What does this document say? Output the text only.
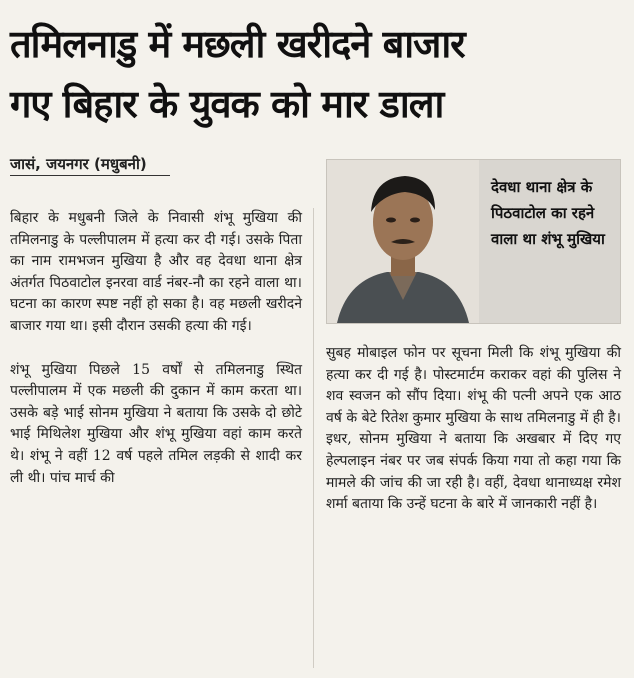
तमिलनाडु में मछली खरीदने बाजार
गए बिहार के युवक को मार डाला
जासं, जयनगर (मधुबनी)

बिहार के मधुबनी जिले के निवासी शंभू मुखिया की तमिलनाडु के पल्लीपालम में हत्या कर दी गई। उसके पिता का नाम रामभजन मुखिया है और वह देवधा थाना क्षेत्र अंतर्गत पिठवाटोल इनरवा वार्ड नंबर-नौ का रहने वाला था। घटना का कारण स्पष्ट नहीं हो सका है। वह मछली खरीदने बाजार गया था। इसी दौरान उसकी हत्या की गई।

शंभू मुखिया पिछले 15 वर्षों से तमिलनाडु स्थित पल्लीपालम में एक मछली की दुकान में काम करता था। उसके बड़े भाई सोनम मुखिया ने बताया कि उसके दो छोटे भाई मिथिलेश मुखिया और शंभू मुखिया वहां काम करते थे। शंभू ने वहीं 12 वर्ष पहले तमिल लड़की से शादी कर ली थी। पांच मार्च की

देवधा थाना क्षेत्र के पिठवाटोल का रहने वाला था शंभू मुखिया

सुबह मोबाइल फोन पर सूचना मिली कि शंभू मुखिया की हत्या कर दी गई है। पोस्टमार्टम कराकर वहां की पुलिस ने शव स्वजन को सौंप दिया। शंभू की पत्नी अपने एक आठ वर्ष के बेटे रितेश कुमार मुखिया के साथ तमिलनाडु में ही है। इधर, सोनम मुखिया ने बताया कि अखबार में दिए गए हेल्पलाइन नंबर पर जब संपर्क किया गया तो कहा गया कि मामले की जांच की जा रही है। वहीं, देवधा थानाध्यक्ष रमेश शर्मा बताया कि उन्हें घटना के बारे में जानकारी नहीं है।
